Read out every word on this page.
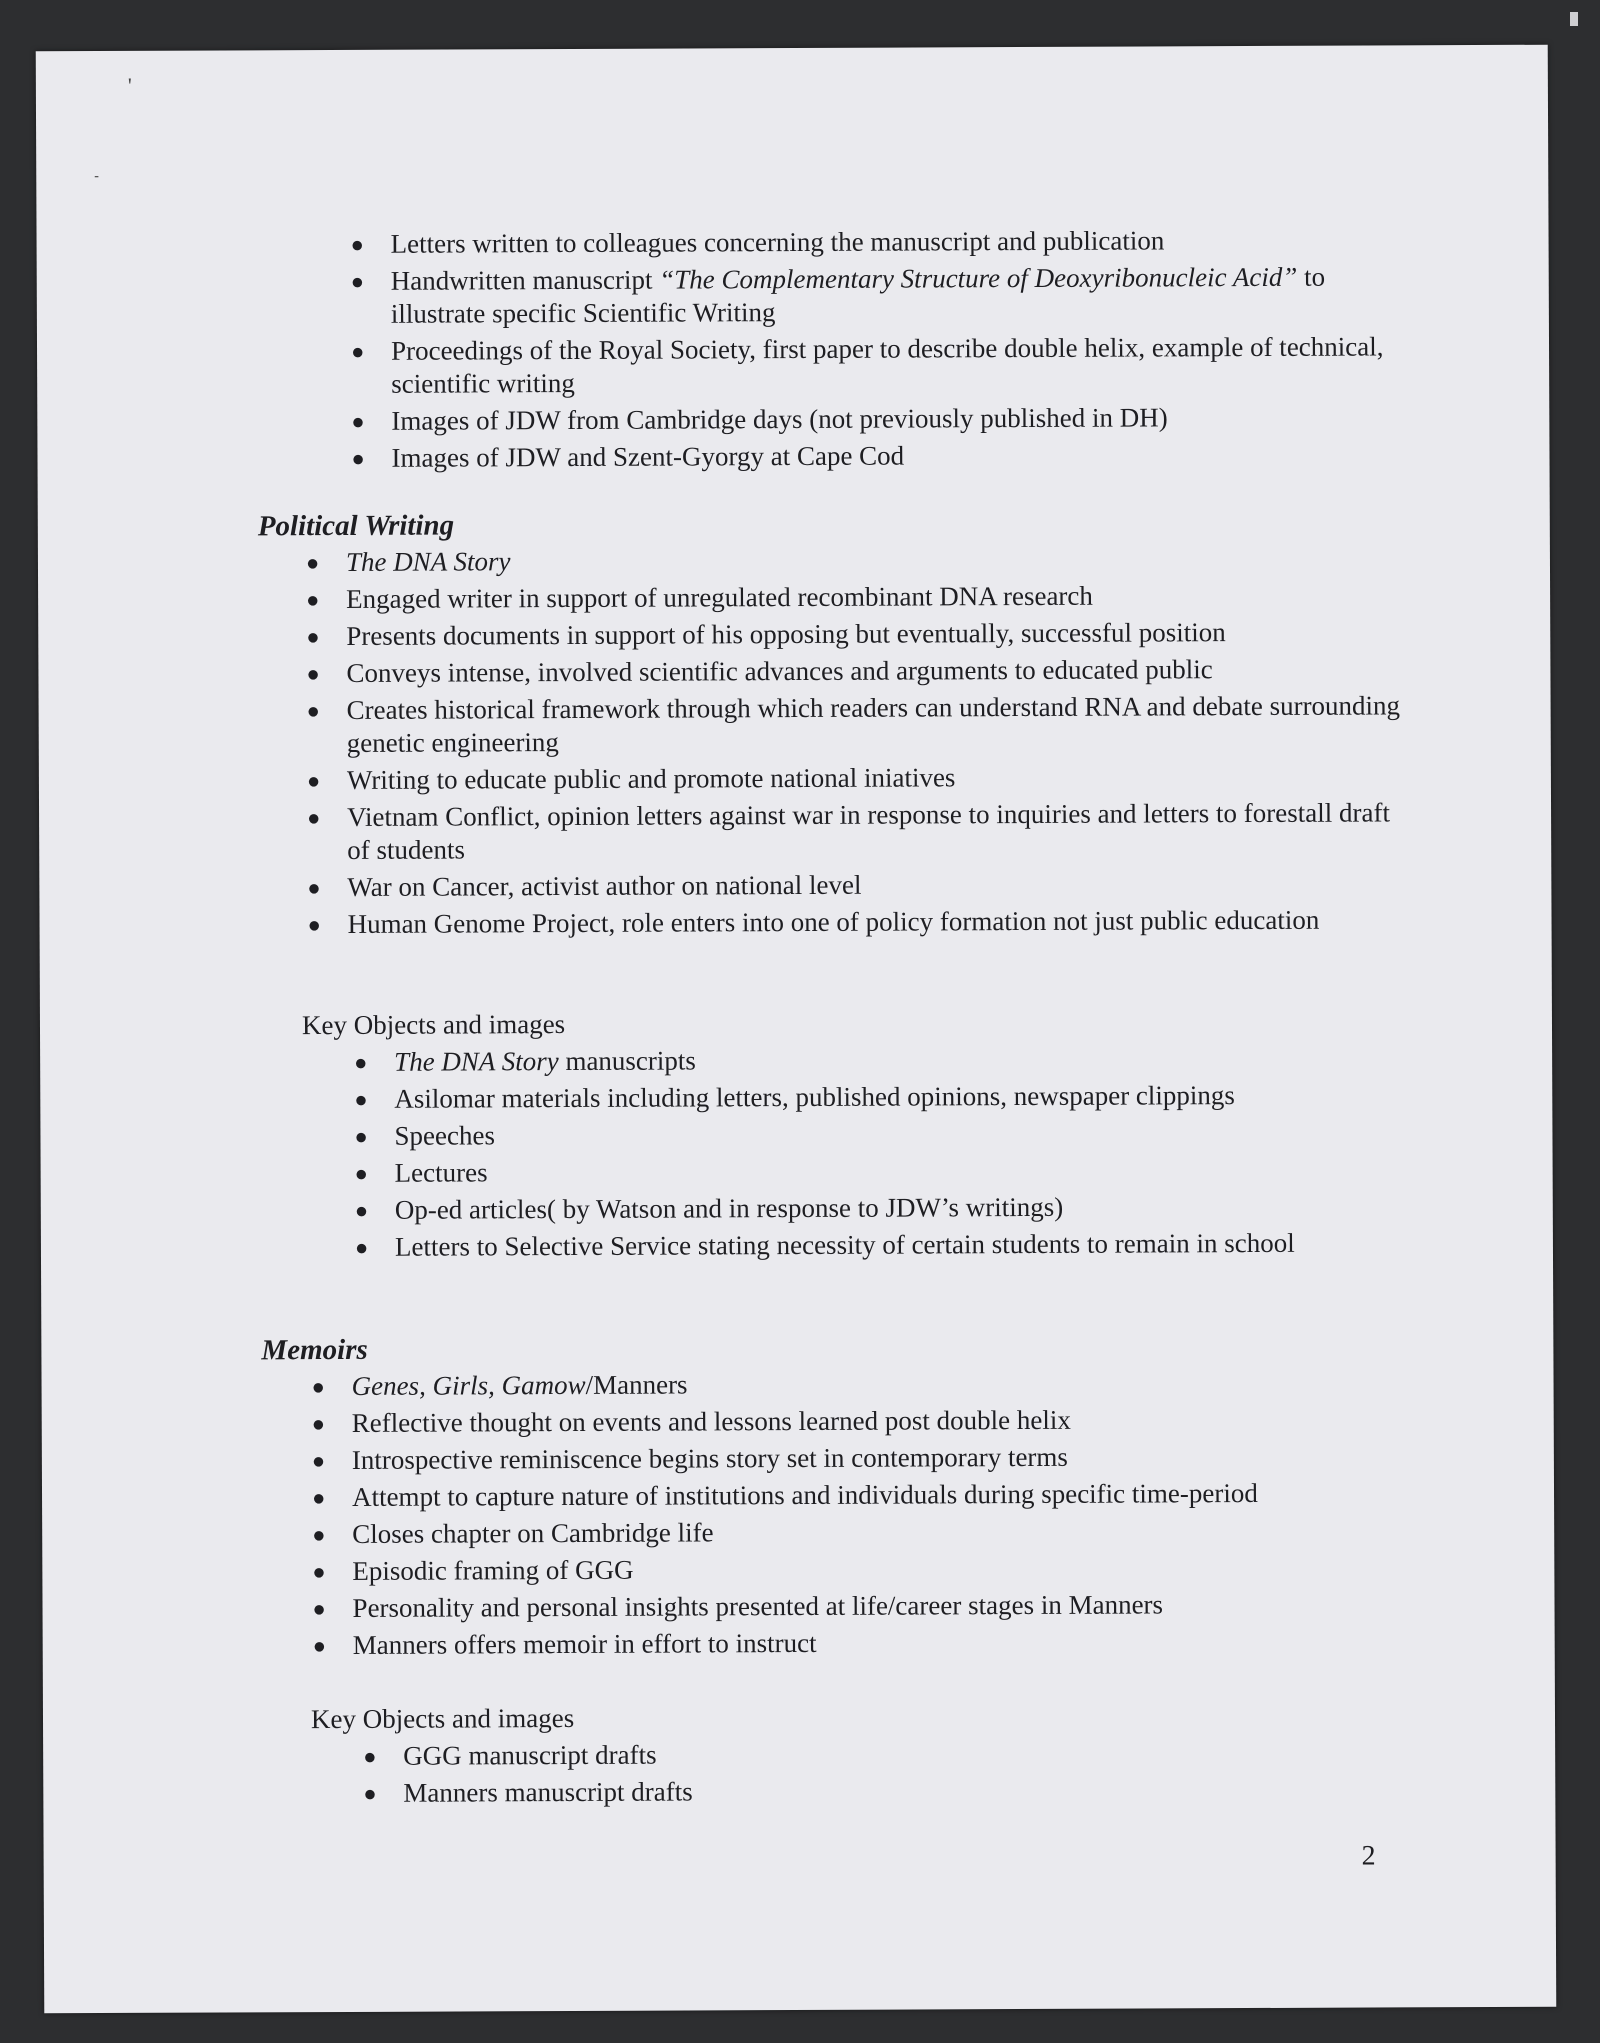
'
-
● Letters written to colleagues concerning the manuscript and publication
● Handwritten manuscript “The Complementary Structure of Deoxyribonucleic Acid” to illustrate specific Scientific Writing
● Proceedings of the Royal Society, first paper to describe double helix, example of technical, scientific writing
● Images of JDW from Cambridge days (not previously published in DH)
● Images of JDW and Szent-Gyorgy at Cape Cod
Political Writing
● The DNA Story
● Engaged writer in support of unregulated recombinant DNA research
● Presents documents in support of his opposing but eventually, successful position
● Conveys intense, involved scientific advances and arguments to educated public
● Creates historical framework through which readers can understand RNA and debate surrounding genetic engineering
● Writing to educate public and promote national iniatives
● Vietnam Conflict, opinion letters against war in response to inquiries and letters to forestall draft of students
● War on Cancer, activist author on national level
● Human Genome Project, role enters into one of policy formation not just public education
Key Objects and images
● The DNA Story manuscripts
● Asilomar materials including letters, published opinions, newspaper clippings
● Speeches
● Lectures
● Op-ed articles( by Watson and in response to JDW’s writings)
● Letters to Selective Service stating necessity of certain students to remain in school
Memoirs
● Genes, Girls, Gamow/Manners
● Reflective thought on events and lessons learned post double helix
● Introspective reminiscence begins story set in contemporary terms
● Attempt to capture nature of institutions and individuals during specific time-period
● Closes chapter on Cambridge life
● Episodic framing of GGG
● Personality and personal insights presented at life/career stages in Manners
● Manners offers memoir in effort to instruct
Key Objects and images
● GGG manuscript drafts
● Manners manuscript drafts
2
